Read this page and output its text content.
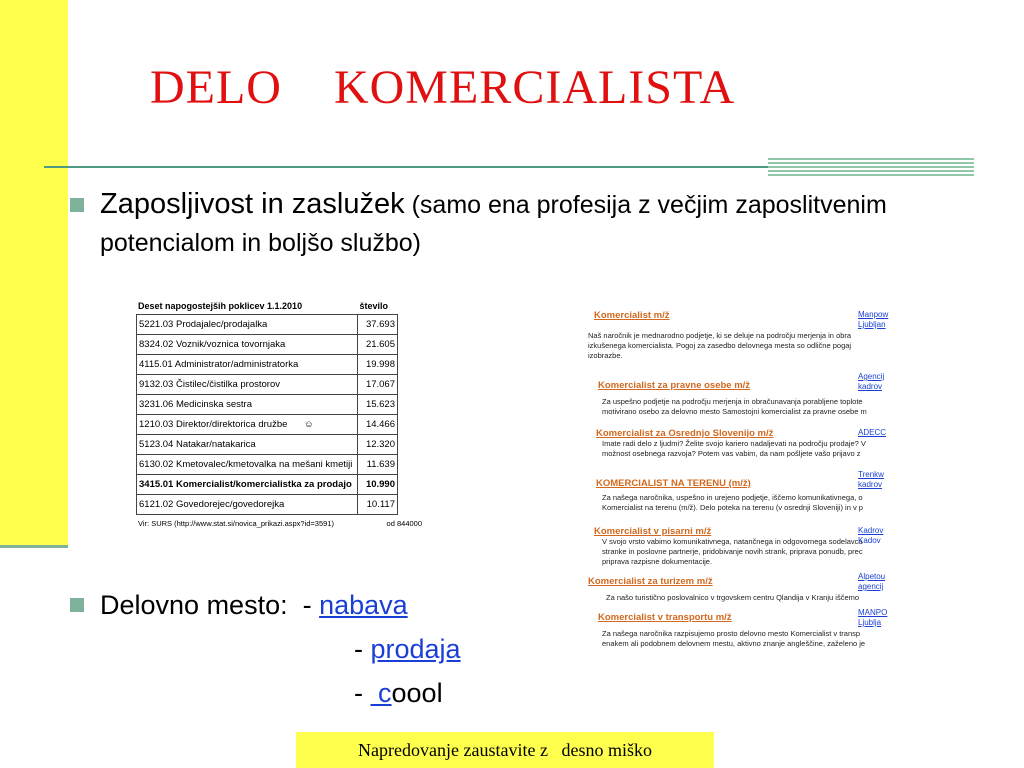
DELO    KOMERCIALISTA
Zaposljivost in zaslužek (samo ena profesija z večjim zaposlitvenim potencialom in boljšo službo)
Deset napogostejših poklicev 1.1.2010	število
5221.03 Prodajalec/prodajalka	37.693
8324.02 Voznik/voznica tovornjaka	21.605
4115.01 Administrator/administratorka	19.998
9132.03 Čistilec/čistilka prostorov	17.067
3231.06 Medicinska sestra	15.623
1210.03 Direktor/direktorica družbe ☺	14.466
5123.04 Natakar/natakarica	12.320
6130.02 Kmetovalec/kmetovalka na mešani kmetiji	11.639
3415.01 Komercialist/komercialistka za prodajo	10.990
6121.02 Govedorejec/govedorejka	10.117
Vir: SURS (http://www.stat.si/novica_prikazi.aspx?id=3591)	od 844000
Komercialist m/ž	Manpow Ljubljan
Naš naročnik je mednarodno podjetje, ki se deluje na področju merjenja in obra
izkušenega komercialista. Pogoj za zasedbo delovnega mesta so odlične pogaj
izobrazbe.
Komercialist za pravne osebe m/ž
Agencij kadrov
Za uspešno podjetje na področju merjenja in obračunavanja porabljene toplote
motivirano osebo za delovno mesto Samostojni komercialist za pravne osebe m
Komercialist za Osrednjo Slovenijo m/ž	ADECC
Imate radi delo z ljudmi? Želite svojo kariero nadaljevati na področju prodaje? V
možnost osebnega razvoja? Potem vas vabim, da nam pošljete vašo prijavo z
KOMERCIALIST NA TERENU (m/ž)
Trenkw kadrov
Za našega naročnika, uspešno in urejeno podjetje, iščemo komunikativnega, o
Komercialist na terenu (m/ž). Delo poteka na terenu (v osrednji Sloveniji) in v p
Komercialist v pisarni m/ž	Kadrov Kadov
V svojo vrsto vabimo komunikativnega, natančnega in odgovornega sodelavca
stranke in poslovne partnerje, pridobivanje novih strank, priprava ponudb, prec
priprava razpisne dokumentacije.
Komercialist za turizem m/ž	Alpetou agencij
Za našo turistično poslovalnico v trgovskem centru Qlandija v Kranju iščemo
Komercialist v transportu m/ž	MANPO Ljublja
Za našega naročnika razpisujemo prosto delovno mesto Komercialist v transp
enakem ali podobnem delovnem mestu, aktivno znanje angleščine, zaželeno je
Delovno mesto:  - nabava
- prodaja
-  coool
Napredovanje zaustavite z   desno miško
